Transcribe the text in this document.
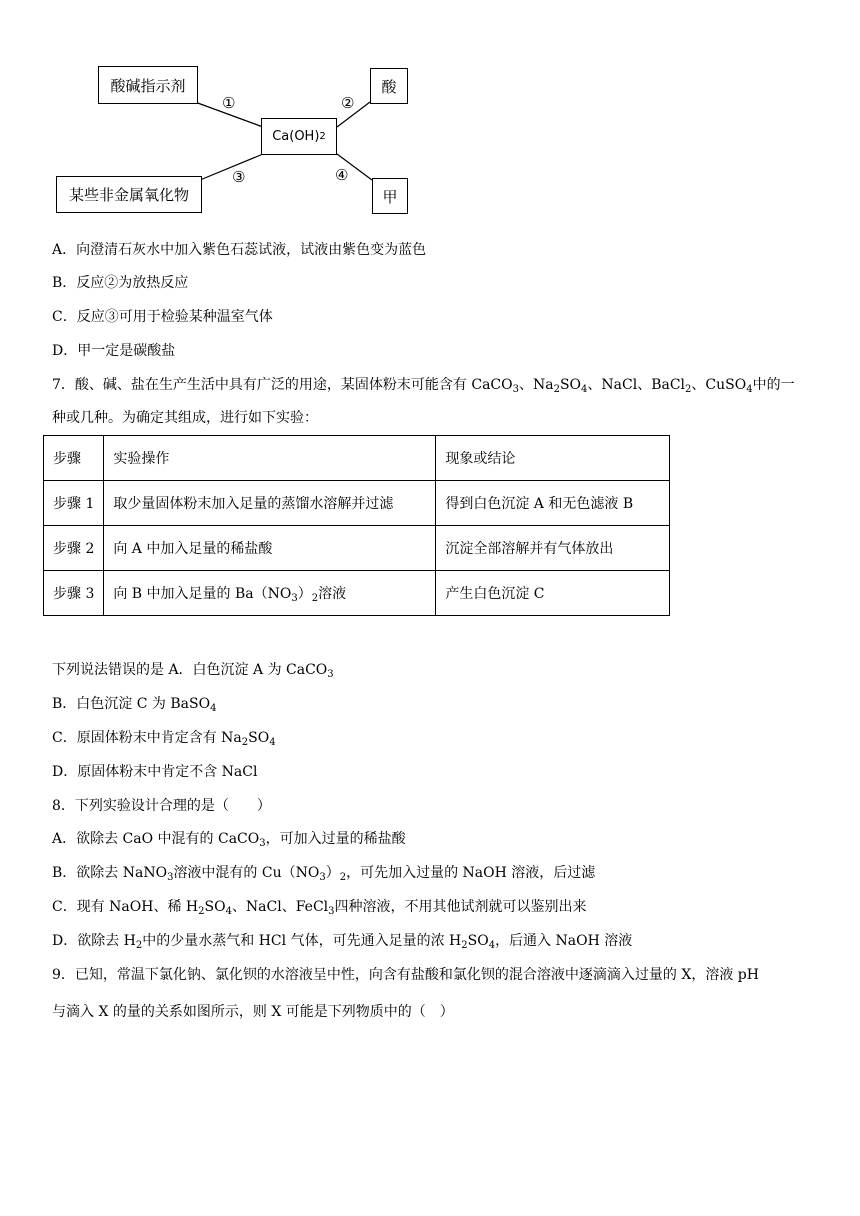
酸碱指示剂	酸
Ca(OH) 2
某些非金属氧化物	甲
①	②
③	④
A．向澄清石灰水中加入紫色石蕊试液，试液由紫色变为蓝色
B．反应②为放热反应
C．反应③可用于检验某种温室气体
D．甲一定是碳酸盐
7．酸、碱、盐在生产生活中具有广泛的用途，某固体粉末可能含有 CaCO$_3$、$Na_2SO_4$、NaCl、BaCl$_2$、CuSO$_4$中的一
种或几种。为确定其组成，进行如下实验：
步骤	实验操作	现象或结论
步骤 1	取少量固体粉末加入足量的蒸馏水溶解并过滤	得到白色沉淀 A 和无色滤液 B
步骤 2	向 A 中加入足量的稀盐酸	沉淀全部溶解并有气体放出
步骤 3	向 B 中加入足量的 $Ba(NO_3)_2$溶液	产生白色沉淀 C
下列说法错误的是 A．白色沉淀 A 为 CaCO$_3$
B．白色沉淀 C 为 BaSO$_4$
C．原固体粉末中肯定含有 $Na_2SO_4$
D．原固体粉末中肯定不含 NaCl
8．下列实验设计合理的是（　　）
A．欲除去 CaO 中混有的 CaCO$_3$，可加入过量的稀盐酸
B．欲除去 NaNO$_3$溶液中混有的 $Cu(NO_3)_2$，可先加入过量的 NaOH 溶液，后过滤
C．现有 NaOH、稀 $H_2SO_4$、NaCl、FeCl$_3$四种溶液，不用其他试剂就可以鉴别出来
D．欲除去 $H_2$中的少量水蒸气和 HCl 气体，可先通入足量的浓 $H_2SO_4$，后通入 NaOH 溶液
9．已知，常温下氯化钠、氯化钡的水溶液呈中性，向含有盐酸和氯化钡的混合溶液中逐滴滴入过量的 X，溶液 pH
与滴入 X 的量的关系如图所示，则 X 可能是下列物质中的（　）
